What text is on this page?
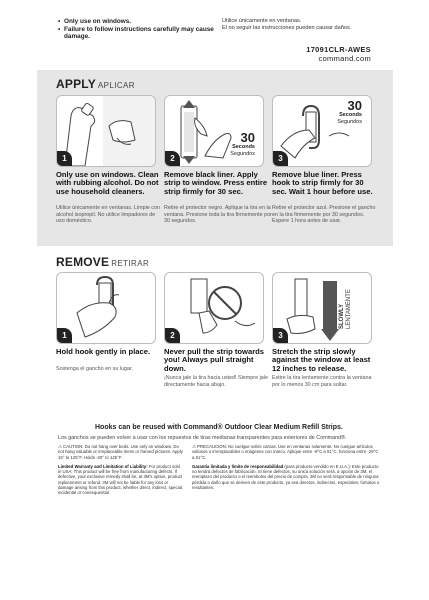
• Only use on windows.
• Failure to follow instructions carefully may cause damage.
Utilice únicamente en ventanas.
El no seguir las instrucciones pueden causar daños.
17091CLR-AWES
command.com
APPLY APLICAR
1
Only use on windows. Clean with rubbing alcohol. Do not use household cleaners.
Utilice únicamente en ventanas. Limpie con alcohol isopropil. No utilice limpadores de uso doméstico.
30
Seconds
Segundos
2
Remove black liner. Apply strip to window. Press entire strip firmly for 30 sec.
Retire el protector negro. Aplique la tira en la ventana. Presione toda la tira firmemente por 30 segundos.
30
Seconds
Segundos
3
Remove blue liner. Press hook to strip firmly for 30 sec. Wait 1 hour before use.
Retire el protector azul. Presione el gancho en la tira firmemente por 30 segundos. Espere 1 hora antes de usar.
REMOVE RETIRAR
1
Hold hook gently in place.
Sostenga el gancho en su lugar.
2
Never pull the strip towards you! Always pull straight down.
¡Nunca jale la tira hacia usted! Siempre jale directamente hacia abajo.
SLOWLY LENTAMENTE
3
Stretch the strip slowly against the window at least 12 inches to release.
Estire la tira lentamente contra la ventana por lo menos 30 cm para soltar.
Hooks can be reused with Command® Outdoor Clear Medium Refill Strips.
Los ganchos se pueden volver a usar con los repuestos de tiras medianas transparentes para exteriores de Command®.

⚠ CAUTION: Do not hang over beds. Use only on windows. Do not hang valuable or irreplaceable items or framed pictures. Apply 15° to 125°F. Holds -20° to 125°F.

Limited Warranty and Limitation of Liability: For product sold in USA: This product will be free from manufacturing defects. If defective, your exclusive remedy shall be, at 3M's option, product replacement or refund. 3M will not be liable for any loss or damage arising from this product, whether direct, indirect, special, incidental or consequential.

⚠ PRECAUCIÓN: No cuelgue sobre camas. Use en ventanas solamente. No cuelgue artículos valiosos o irremplazables o imágenes con marco. Aplique entre -9°C a 51°C, funciona entre -29°C a 51°C.

Garantía limitada y límite de responsabilidad (para producto vendido en E.U.A.): Este producto no tendrá defectos de fabricación. Si tiene defectos, su única solución será, a opción de 3M, el reemplazo del producto o el reembolso del precio de compra. 3M no será responsable de ninguna pérdida o daño que se deriven de este producto, ya sea directos, indirectos, especiales, fortuitos o resultantes.
